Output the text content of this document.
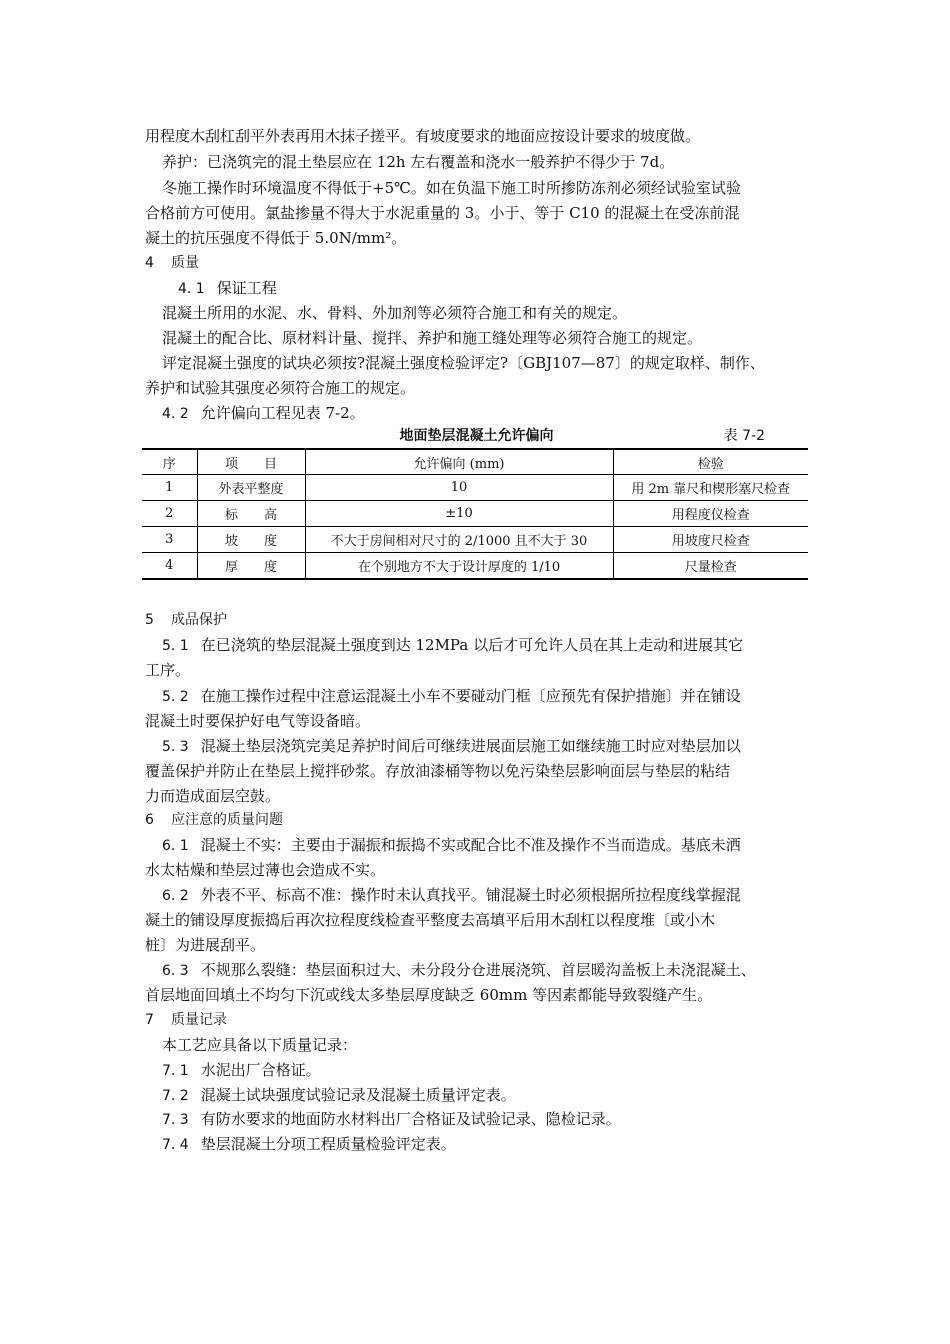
用程度木刮杠刮平外表再用木抹子搓平。有坡度要求的地面应按设计要求的坡度做。
养护：已浇筑完的混土垫层应在 12h 左右覆盖和浇水一般养护不得少于 7d。
冬施工操作时环境温度不得低于+5℃。如在负温下施工时所掺防冻剂必须经试验室试验
合格前方可使用。氯盐掺量不得大于水泥重量的 3。小于、等于 C10 的混凝土在受冻前混
凝土的抗压强度不得低于 5.0N/mm²。
4 质量
4. 1 保证工程
混凝土所用的水泥、水、骨料、外加剂等必须符合施工和有关的规定。
混凝土的配合比、原材料计量、搅拌、养护和施工缝处理等必须符合施工的规定。
评定混凝土强度的试块必须按?混凝土强度检验评定?〔GBJ107—87〕的规定取样、制作、
养护和试验其强度必须符合施工的规定。
4. 2 允许偏向工程见表 7-2。
地面垫层混凝土允许偏向	表 7-2
序	项　　目	允许偏向 (mm)	检验
1	外表平整度	10	用 2m 靠尺和楔形塞尺检查
2	标　　高	±10	用程度仪检查
3	坡　　度	不大于房间相对尺寸的 2/1000 且不大于 30	用坡度尺检查
4	厚　　度	在个别地方不大于设计厚度的 1/10	尺量检查
5 成品保护
5. 1 在已浇筑的垫层混凝土强度到达 12MPa 以后才可允许人员在其上走动和进展其它
工序。
5. 2 在施工操作过程中注意运混凝土小车不要碰动门框〔应预先有保护措施〕并在铺设
混凝土时要保护好电气等设备暗。
5. 3 混凝土垫层浇筑完美足养护时间后可继续进展面层施工如继续施工时应对垫层加以
覆盖保护并防止在垫层上搅拌砂浆。存放油漆桶等物以免污染垫层影响面层与垫层的粘结
力而造成面层空鼓。
6 应注意的质量问题
6. 1 混凝土不实：主要由于漏振和振捣不实或配合比不准及操作不当而造成。基底未洒
水太枯燥和垫层过薄也会造成不实。
6. 2 外表不平、标高不准：操作时未认真找平。铺混凝土时必须根据所拉程度线掌握混
凝土的铺设厚度振捣后再次拉程度线检查平整度去高填平后用木刮杠以程度堆〔或小木
桩〕为进展刮平。
6. 3 不规那么裂缝：垫层面积过大、未分段分仓进展浇筑、首层暖沟盖板上未浇混凝土、
首层地面回填土不均匀下沉或线太多垫层厚度缺乏 60mm 等因素都能导致裂缝产生。
7 质量记录
本工艺应具备以下质量记录：
7. 1 水泥出厂合格证。
7. 2 混凝土试块强度试验记录及混凝土质量评定表。
7. 3 有防水要求的地面防水材料出厂合格证及试验记录、隐检记录。
7. 4 垫层混凝土分项工程质量检验评定表。
